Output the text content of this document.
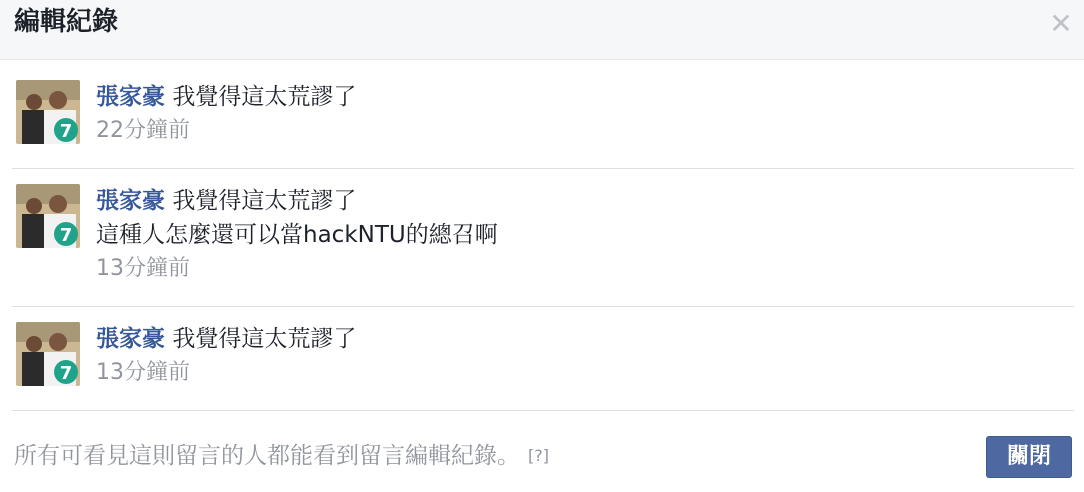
編輯紀錄	✕
7
張家豪 我覺得這太荒謬了
22分鐘前
7
張家豪 我覺得這太荒謬了
這種人怎麼還可以當hackNTU的總召啊
13分鐘前
7
張家豪 我覺得這太荒謬了
13分鐘前
所有可看見這則留言的人都能看到留言編輯紀錄。 [?]	關閉
